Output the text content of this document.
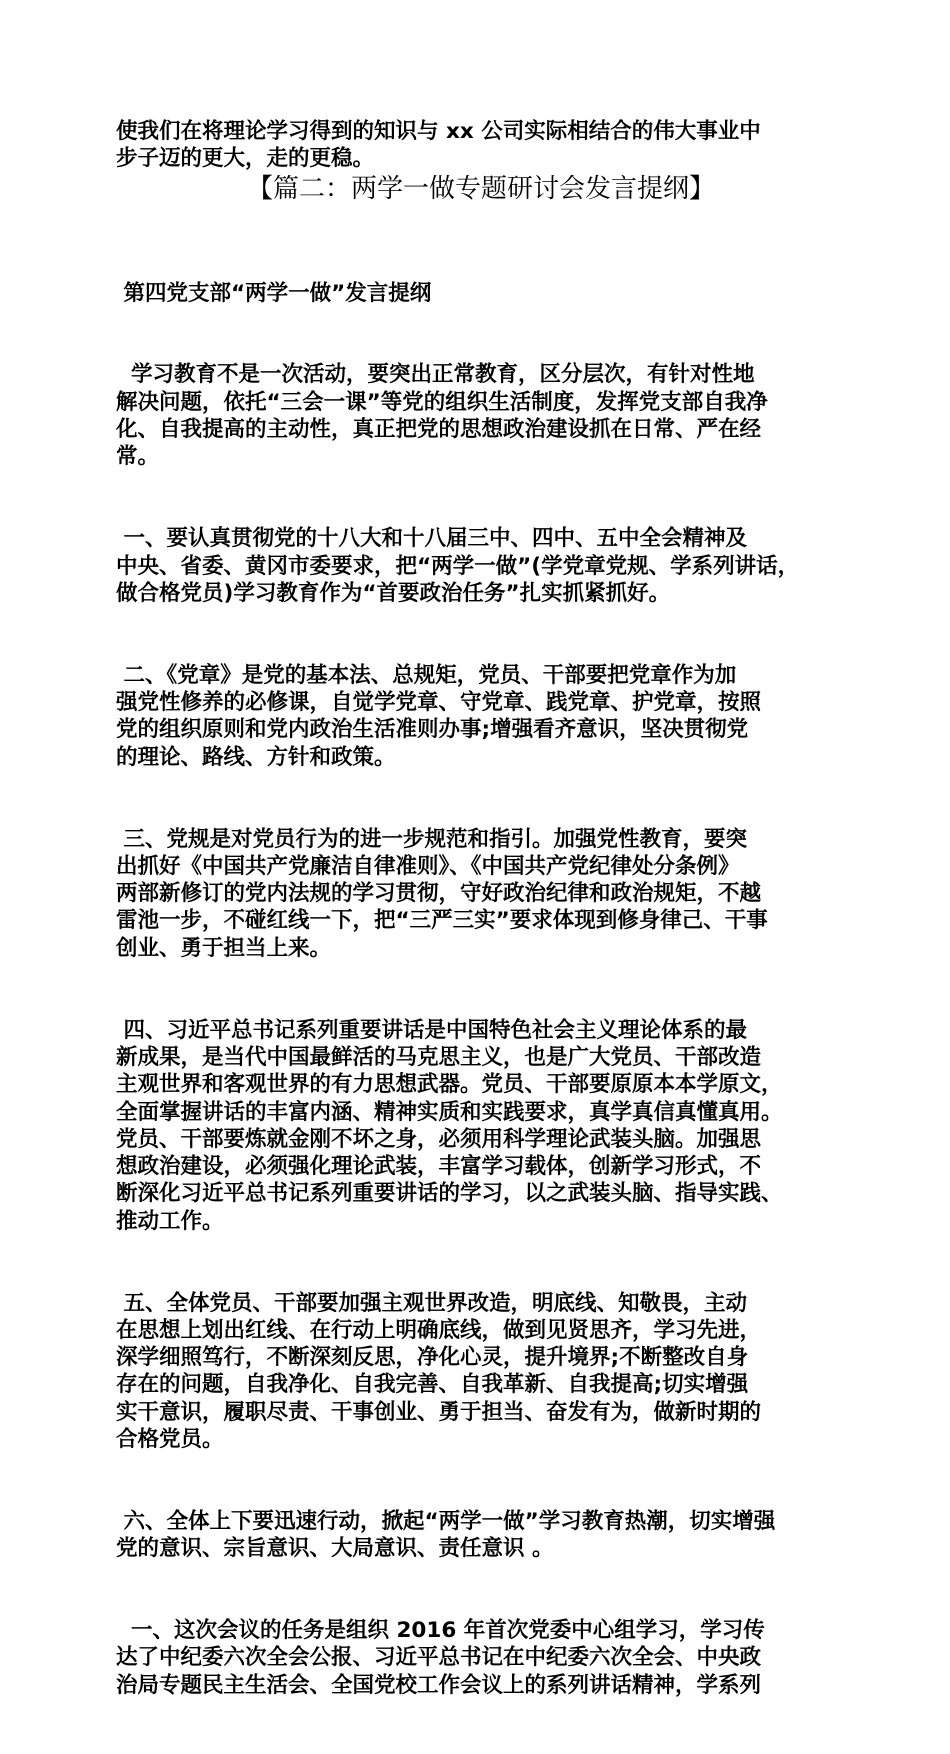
使我们在将理论学习得到的知识与 xx 公司实际相结合的伟大事业中
步子迈的更大，走的更稳。

【篇二：两学一做专题研讨会发言提纲】

第四党支部“两学一做”发言提纲

学习教育不是一次活动，要突出正常教育，区分层次，有针对性地
解决问题，依托“三会一课”等党的组织生活制度，发挥党支部自我净
化、自我提高的主动性，真正把党的思想政治建设抓在日常、严在经
常。

一、要认真贯彻党的十八大和十八届三中、四中、五中全会精神及
中央、省委、黄冈市委要求，把“两学一做”(学党章党规、学系列讲话，
做合格党员)学习教育作为“首要政治任务”扎实抓紧抓好。

二、《党章》是党的基本法、总规矩，党员、干部要把党章作为加
强党性修养的必修课，自觉学党章、守党章、践党章、护党章，按照
党的组织原则和党内政治生活准则办事;增强看齐意识，坚决贯彻党
的理论、路线、方针和政策。

三、党规是对党员行为的进一步规范和指引。加强党性教育，要突
出抓好《中国共产党廉洁自律准则》、《中国共产党纪律处分条例》
两部新修订的党内法规的学习贯彻，守好政治纪律和政治规矩，不越
雷池一步，不碰红线一下，把“三严三实”要求体现到修身律己、干事
创业、勇于担当上来。

四、习近平总书记系列重要讲话是中国特色社会主义理论体系的最
新成果，是当代中国最鲜活的马克思主义，也是广大党员、干部改造
主观世界和客观世界的有力思想武器。党员、干部要原原本本学原文，
全面掌握讲话的丰富内涵、精神实质和实践要求，真学真信真懂真用。
党员、干部要炼就金刚不坏之身，必须用科学理论武装头脑。加强思
想政治建设，必须强化理论武装，丰富学习载体，创新学习形式，不
断深化习近平总书记系列重要讲话的学习，以之武装头脑、指导实践、
推动工作。

五、全体党员、干部要加强主观世界改造，明底线、知敬畏，主动
在思想上划出红线、在行动上明确底线，做到见贤思齐，学习先进，
深学细照笃行，不断深刻反思，净化心灵，提升境界;不断整改自身
存在的问题，自我净化、自我完善、自我革新、自我提高;切实增强
实干意识，履职尽责、干事创业、勇于担当、奋发有为，做新时期的
合格党员。

六、全体上下要迅速行动，掀起“两学一做”学习教育热潮，切实增强
党的意识、宗旨意识、大局意识、责任意识 。

一、这次会议的任务是组织 2016 年首次党委中心组学习，学习传
达了中纪委六次全会公报、习近平总书记在中纪委六次全会、中央政
治局专题民主生活会、全国党校工作会议上的系列讲话精神，学系列
